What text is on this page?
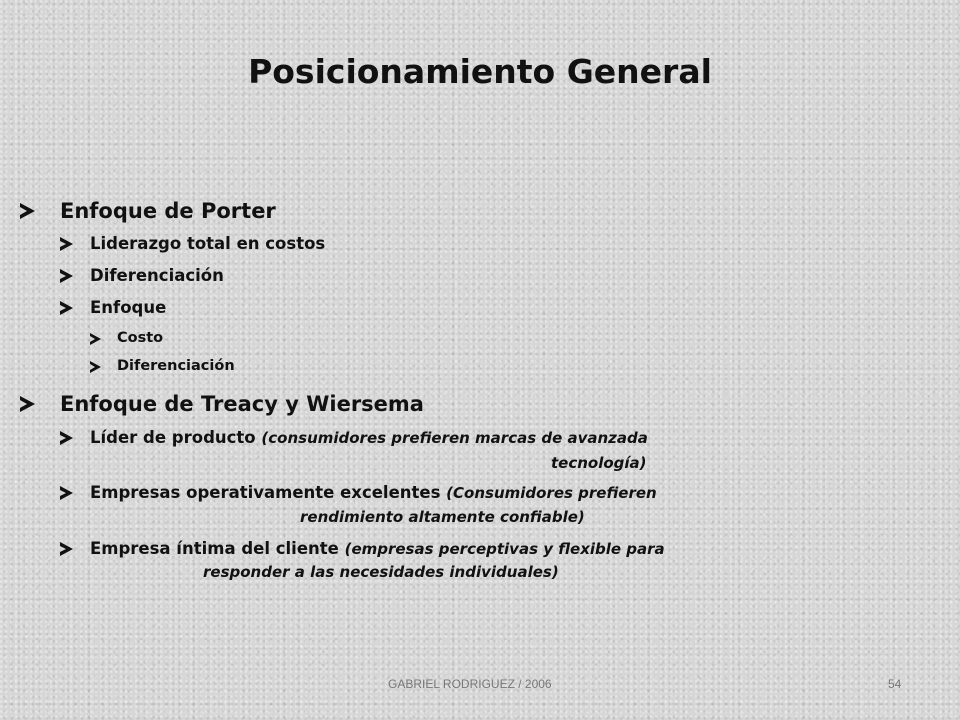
Posicionamiento General
Enfoque de Porter
Liderazgo total en costos
Diferenciación
Enfoque
Costo
Diferenciación
Enfoque de Treacy y Wiersema
Líder de producto (consumidores prefieren marcas de avanzada
tecnología)
Empresas operativamente excelentes (Consumidores prefieren
rendimiento altamente confiable)
Empresa íntima del cliente (empresas perceptivas y flexible para
responder a las necesidades individuales)
GABRIEL RODRIGUEZ / 2006	54
